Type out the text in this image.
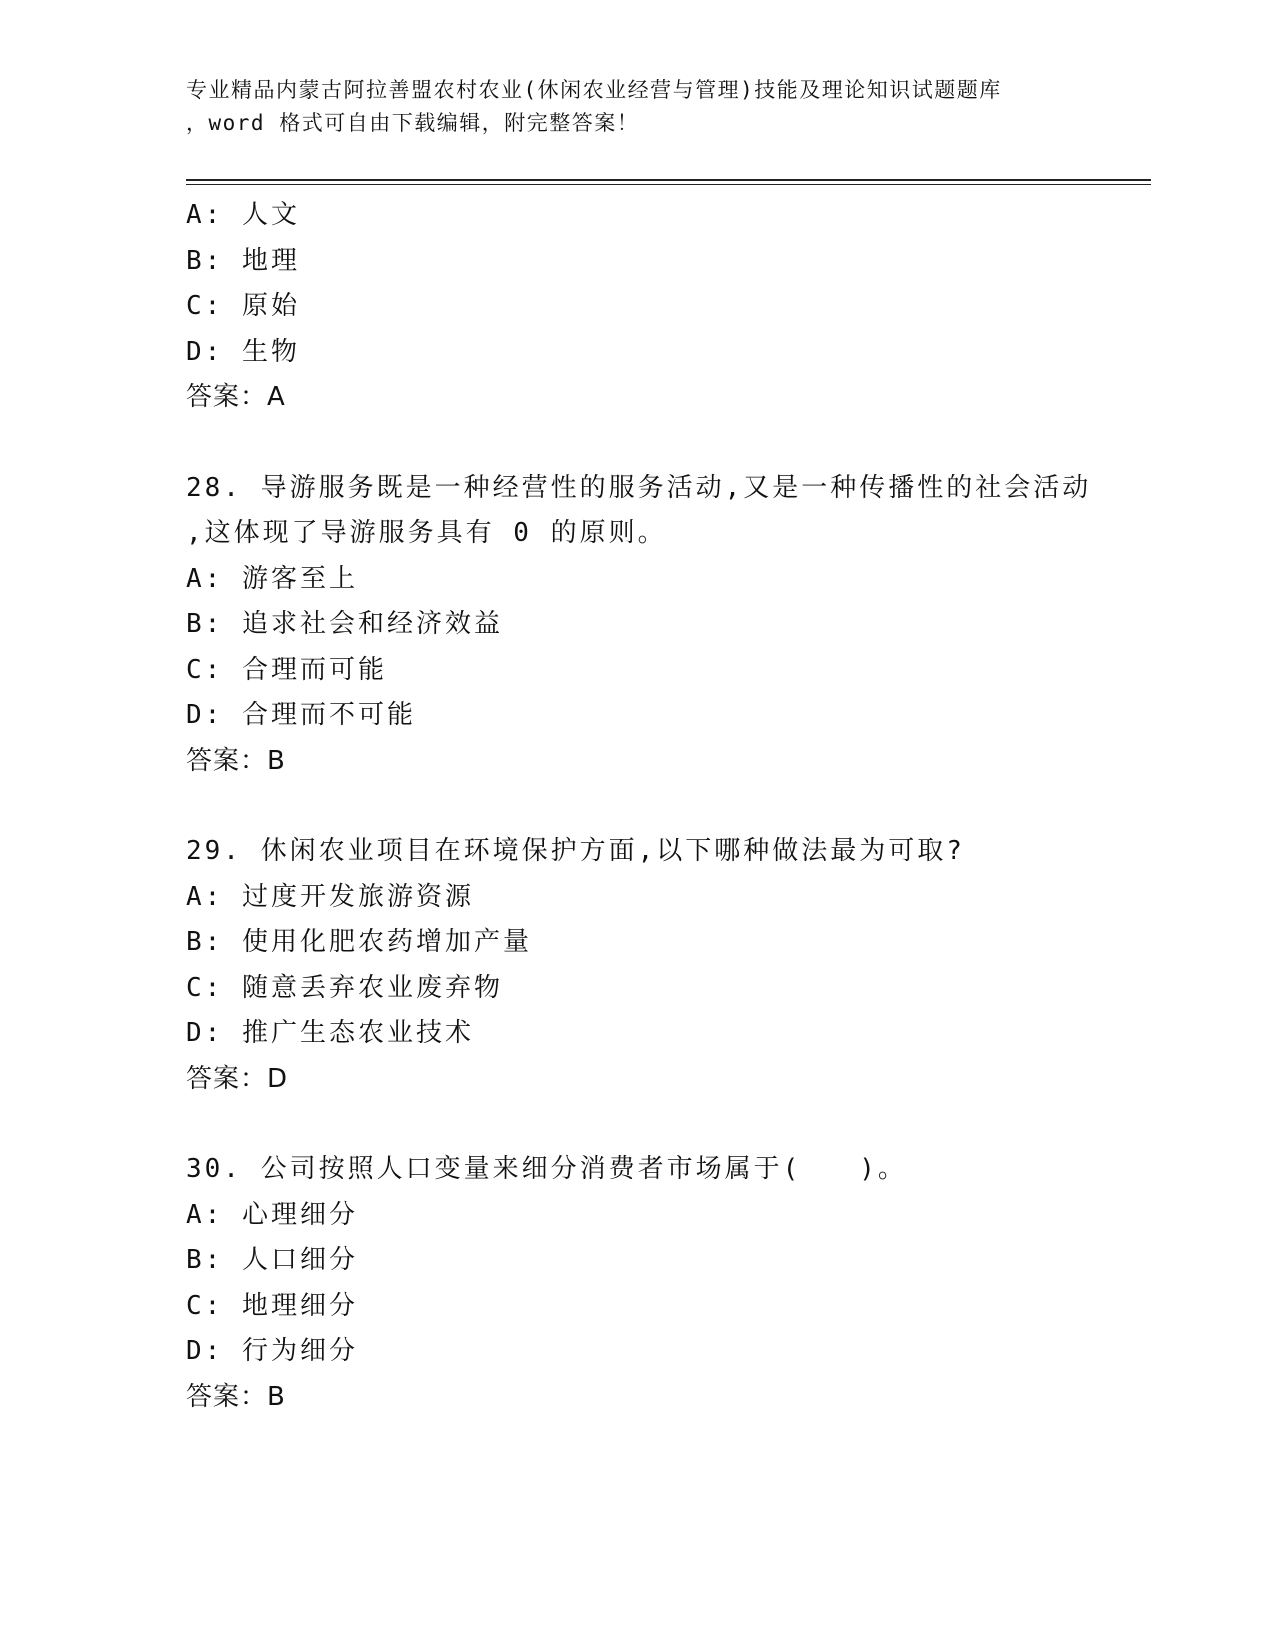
专业精品内蒙古阿拉善盟农村农业(休闲农业经营与管理)技能及理论知识试题题库
，word 格式可自由下载编辑，附完整答案！
A: 人文
B: 地理
C: 原始
D: 生物
答案：A
28. 导游服务既是一种经营性的服务活动,又是一种传播性的社会活动
,这体现了导游服务具有 0 的原则。
A: 游客至上
B: 追求社会和经济效益
C: 合理而可能
D: 合理而不可能
答案：B
29. 休闲农业项目在环境保护方面,以下哪种做法最为可取?
A: 过度开发旅游资源
B: 使用化肥农药增加产量
C: 随意丢弃农业废弃物
D: 推广生态农业技术
答案：D
30. 公司按照人口变量来细分消费者市场属于(　　)。
A: 心理细分
B: 人口细分
C: 地理细分
D: 行为细分
答案：B
